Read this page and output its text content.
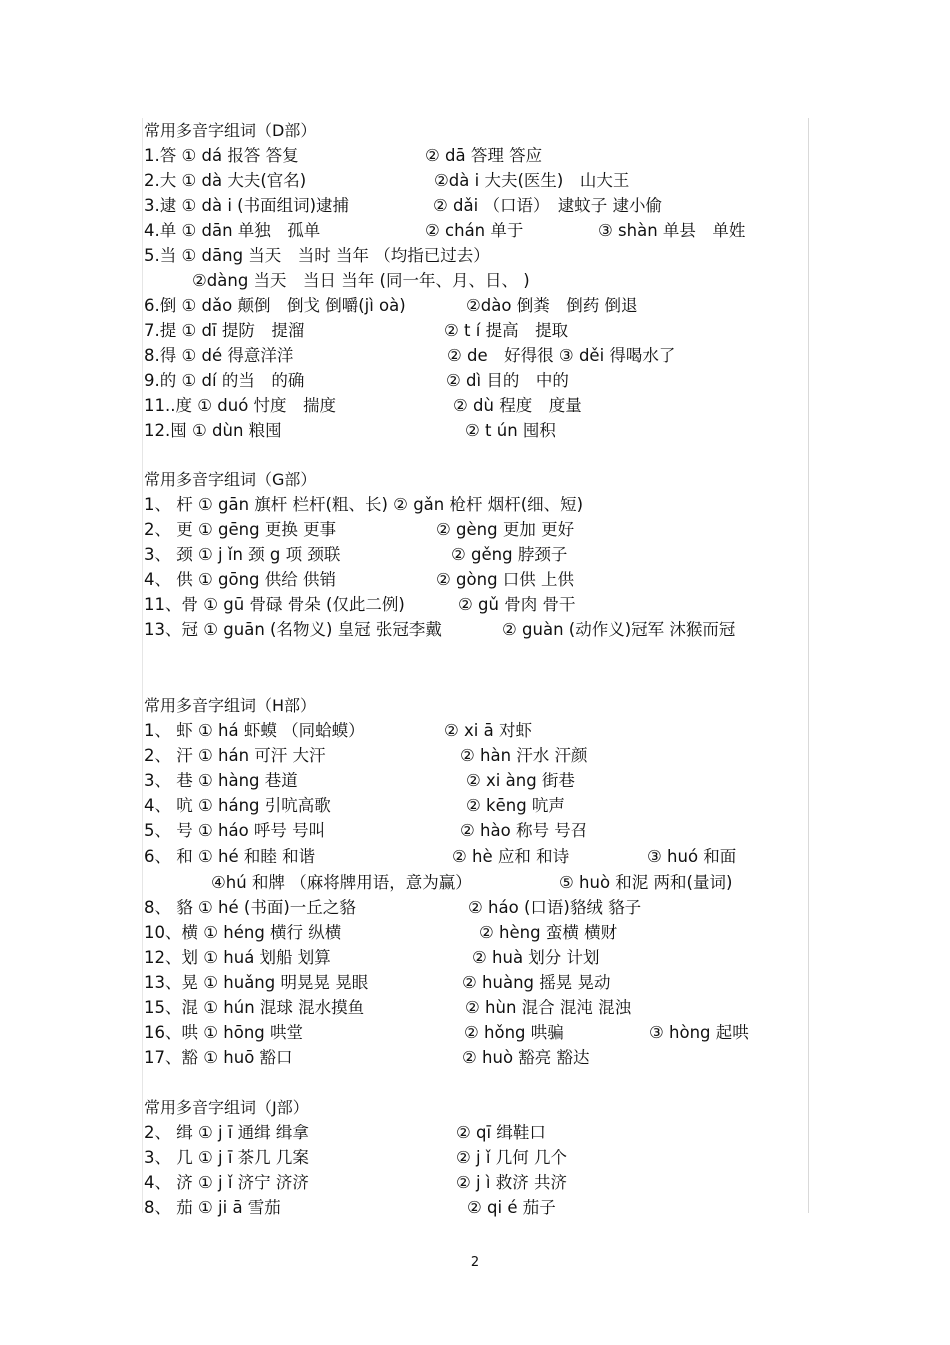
常用多音字组词（D部）
1.答 ① dá 报答 答复	② dā 答理 答应
2.大 ① dà 大夫(官名)	②dà i 大夫(医生)　山大王
3.逮 ① dà i (书面组词)逮捕	② dǎi （口语）　逮蚊子 逮小偷
4.单 ① dān 单独　孤单	② chán 单于	③ shàn 单县　单姓
5.当 ① dāng 当天　当时 当年 （均指已过去）
②dàng 当天　当日 当年 (同一年、月、日、 )
6.倒 ① dǎo 颠倒　倒戈 倒嚼(jì oà)	②dào 倒粪　倒药 倒退
7.提 ① dī 提防　提溜	② t í 提高　提取
8.得 ① dé 得意洋洋	② de　好得很 ③ děi 得喝水了
9.的 ① dí 的当　的确	② dì 目的　中的
11..度 ① duó 忖度　揣度	② dù 程度　度量
12.囤 ① dùn 粮囤	② t ún 囤积
常用多音字组词（G部）
1、 杆 ① gān 旗杆 栏杆(粗、长) ② gǎn 枪杆 烟杆(细、短)
2、 更 ① gēng 更换 更事	② gèng 更加 更好
3、 颈 ① j ǐn 颈 g 项 颈联	② gěng 脖颈子
4、 供 ① gōng 供给 供销	② gòng 口供 上供
11、骨 ① gū 骨碌 骨朵 (仅此二例)	② gǔ 骨肉 骨干
13、冠 ① guān (名物义) 皇冠 张冠李戴	② guàn (动作义)冠军 沐猴而冠
常用多音字组词（H部）
1、 虾 ① há 虾蟆 （同蛤蟆）	② xi ā 对虾
2、 汗 ① hán 可汗 大汗	② hàn 汗水 汗颜
3、 巷 ① hàng 巷道	② xi àng 街巷
4、 吭 ① háng 引吭高歌	② kēng 吭声
5、 号 ① háo 呼号 号叫	② hào 称号 号召
6、 和 ① hé 和睦 和谐	② hè 应和 和诗	③ huó 和面
④hú 和牌 （麻将牌用语，意为赢）	⑤ huò 和泥 两和(量词)
8、 貉 ① hé (书面)一丘之貉	② háo (口语)貉绒 貉子
10、横 ① héng 横行 纵横	② hèng 蛮横 横财
12、划 ① huá 划船 划算	② huà 划分 计划
13、晃 ① huǎng 明晃晃 晃眼	② huàng 摇晃 晃动
15、混 ① hún 混球 混水摸鱼	② hùn 混合 混沌 混浊
16、哄 ① hōng 哄堂	② hǒng 哄骗	③ hòng 起哄
17、豁 ① huō 豁口	② huò 豁亮 豁达
常用多音字组词（J部）
2、 缉 ① j ī 通缉 缉拿	② qī 缉鞋口
3、 几 ① j ī 茶几 几案	② j ǐ 几何 几个
4、 济 ① j ǐ 济宁 济济	② j ì 救济 共济
8、 茄 ① ji ā 雪茄	② qi é 茄子
2
